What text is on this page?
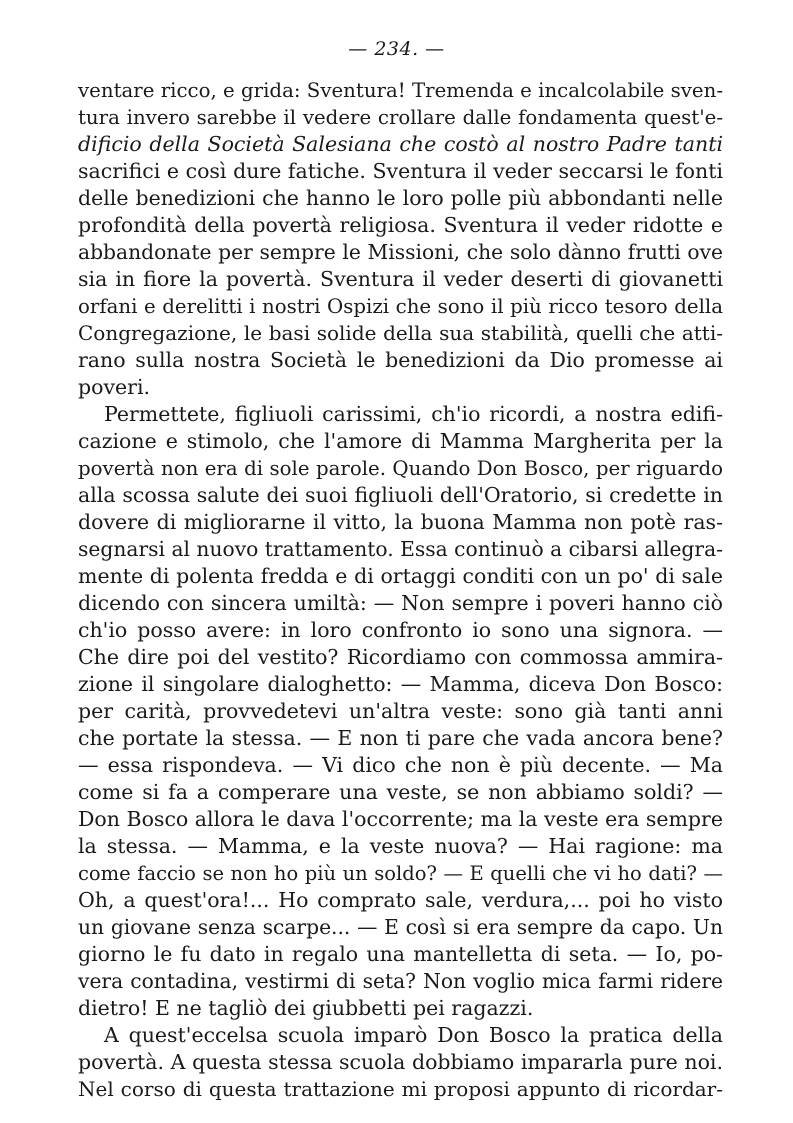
— 234. —
ventare ricco, e grida: Sventura! Tremenda e incalcolabile sven-
tura invero sarebbe il vedere crollare dalle fondamenta quest'e-
dificio della Società Salesiana che costò al nostro Padre tanti
sacrifici e così dure fatiche. Sventura il veder seccarsi le fonti
delle benedizioni che hanno le loro polle più abbondanti nelle
profondità della povertà religiosa. Sventura il veder ridotte e
abbandonate per sempre le Missioni, che solo dànno frutti ove
sia in fiore la povertà. Sventura il veder deserti di giovanetti
orfani e derelitti i nostri Ospizi che sono il più ricco tesoro della
Congregazione, le basi solide della sua stabilità, quelli che atti-
rano sulla nostra Società le benedizioni da Dio promesse ai
poveri.
Permettete, figliuoli carissimi, ch'io ricordi, a nostra edifi-
cazione e stimolo, che l'amore di Mamma Margherita per la
povertà non era di sole parole. Quando Don Bosco, per riguardo
alla scossa salute dei suoi figliuoli dell'Oratorio, si credette in
dovere di migliorarne il vitto, la buona Mamma non potè ras-
segnarsi al nuovo trattamento. Essa continuò a cibarsi allegra-
mente di polenta fredda e di ortaggi conditi con un po' di sale
dicendo con sincera umiltà: — Non sempre i poveri hanno ciò
ch'io posso avere: in loro confronto io sono una signora. —
Che dire poi del vestito? Ricordiamo con commossa ammira-
zione il singolare dialoghetto: — Mamma, diceva Don Bosco:
per carità, provvedetevi un'altra veste: sono già tanti anni
che portate la stessa. — E non ti pare che vada ancora bene?
— essa rispondeva. — Vi dico che non è più decente. — Ma
come si fa a comperare una veste, se non abbiamo soldi? —
Don Bosco allora le dava l'occorrente; ma la veste era sempre
la stessa. — Mamma, e la veste nuova? — Hai ragione: ma
come faccio se non ho più un soldo? — E quelli che vi ho dati? —
Oh, a quest'ora!... Ho comprato sale, verdura,... poi ho visto
un giovane senza scarpe... — E così si era sempre da capo. Un
giorno le fu dato in regalo una mantelletta di seta. — Io, po-
vera contadina, vestirmi di seta? Non voglio mica farmi ridere
dietro! E ne tagliò dei giubbetti pei ragazzi.
A quest'eccelsa scuola imparò Don Bosco la pratica della
povertà. A questa stessa scuola dobbiamo impararla pure noi.
Nel corso di questa trattazione mi proposi appunto di ricordar-
